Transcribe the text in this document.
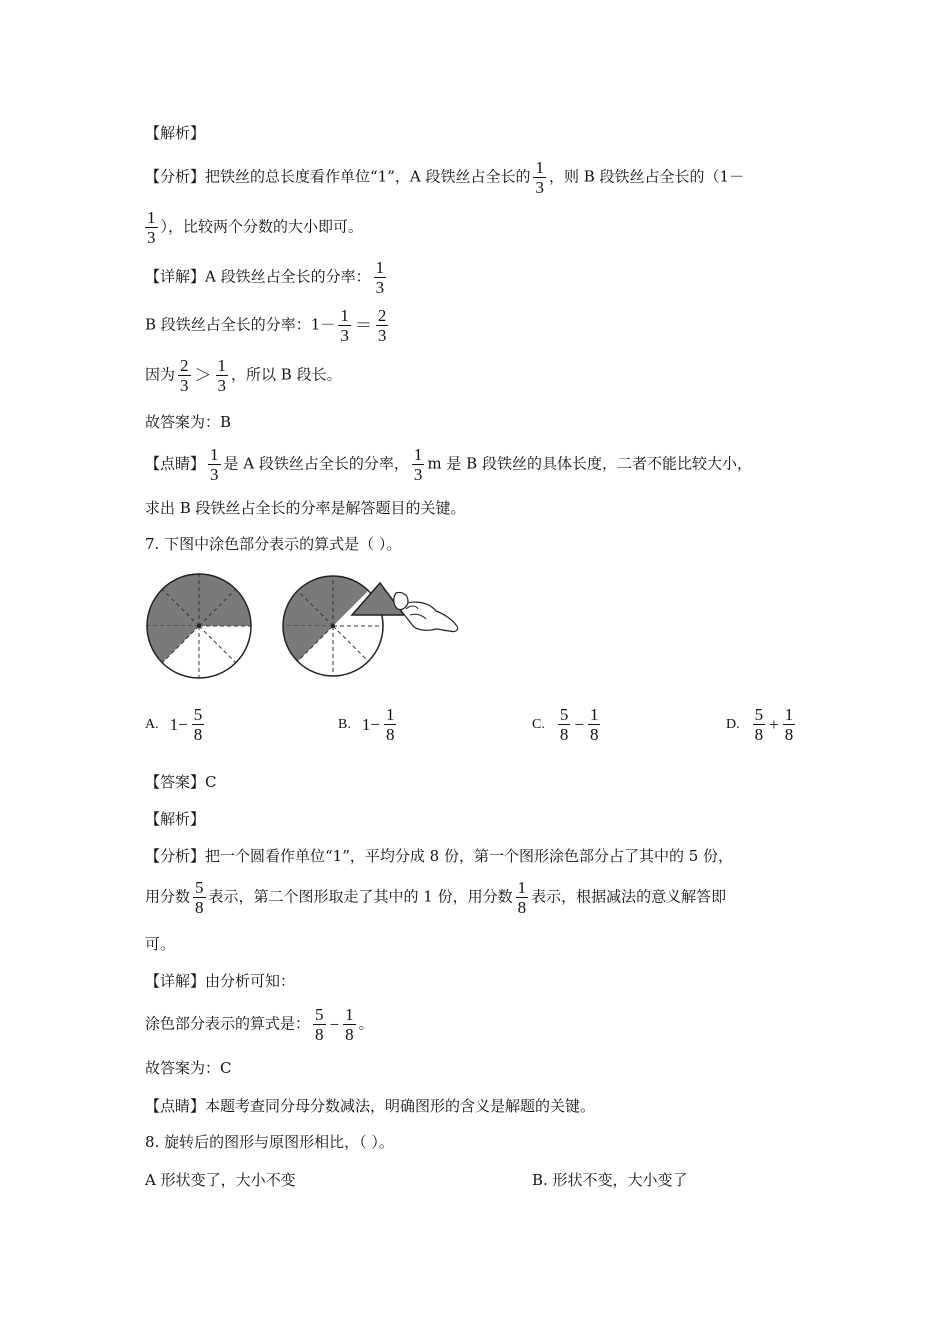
【解析】
【分析】把铁丝的总长度看作单位“1”，A 段铁丝占全长的 $\frac{1}{3}$ ，则 B 段铁丝占全长的（1－
$\frac{1}{3}$ ），比较两个分数的大小即可。
【详解】A 段铁丝占全长的分率： $\frac{1}{3}$
B 段铁丝占全长的分率：$1- \frac{1}{3} = \frac{2}{3}$
因为 $\frac{2}{3} > \frac{1}{3}$ ，所以 B 段长。
故答案为：B
【点睛】 $\frac{1}{3}$ 是 A 段铁丝占全长的分率， $\frac{1}{3}$ m 是 B 段铁丝的具体长度，二者不能比较大小，
求出 B 段铁丝占全长的分率是解答题目的关键。
7. 下图中涂色部分表示的算式是（ ）。
A. $1- \frac{5}{8}$	B. $1- \frac{1}{8}$	C. $\frac{5}{8} - \frac{1}{8}$	D. $\frac{5}{8} + \frac{1}{8}$
【答案】C
【解析】
【分析】把一个圆看作单位“1”，平均分成 8 份，第一个图形涂色部分占了其中的 5 份，
用分数 $\frac{5}{8}$ 表示，第二个图形取走了其中的 1 份，用分数 $\frac{1}{8}$ 表示，根据减法的意义解答即
可。
【详解】由分析可知：
涂色部分表示的算式是： $\frac{5}{8} - \frac{1}{8}$ 。
故答案为：C
【点睛】本题考查同分母分数减法，明确图形的含义是解题的关键。
8. 旋转后的图形与原图形相比，（ ）。
A 形状变了，大小不变	B. 形状不变，大小变了
